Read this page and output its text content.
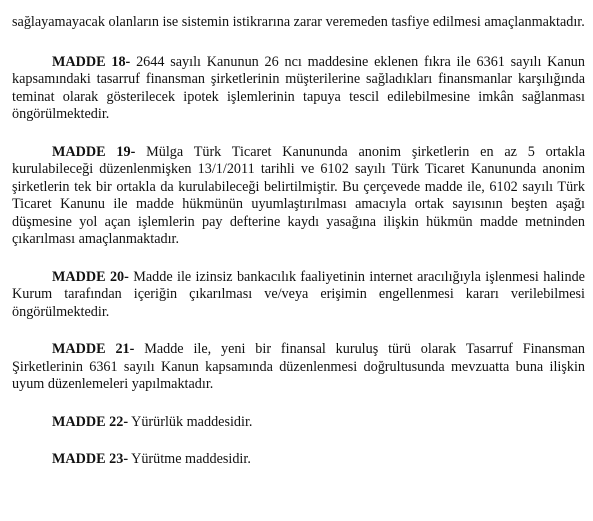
sağlayamayacak olanların ise sistemin istikrarına zarar veremeden tasfiye edilmesi amaçlanmaktadır.

MADDE 18- 2644 sayılı Kanunun 26 ncı maddesine eklenen fıkra ile 6361 sayılı Kanun kapsamındaki tasarruf finansman şirketlerinin müşterilerine sağladıkları finansmanlar karşılığında teminat olarak gösterilecek ipotek işlemlerinin tapuya tescil edilebilmesine imkân sağlanması öngörülmektedir.

MADDE 19- Mülga Türk Ticaret Kanununda anonim şirketlerin en az 5 ortakla kurulabileceği düzenlenmişken 13/1/2011 tarihli ve 6102 sayılı Türk Ticaret Kanununda anonim şirketlerin tek bir ortakla da kurulabileceği belirtilmiştir. Bu çerçevede madde ile, 6102 sayılı Türk Ticaret Kanunu ile madde hükmünün uyumlaştırılması amacıyla ortak sayısının beşten aşağı düşmesine yol açan işlemlerin pay defterine kaydı yasağına ilişkin hükmün madde metninden çıkarılması amaçlanmaktadır.

MADDE 20- Madde ile izinsiz bankacılık faaliyetinin internet aracılığıyla işlenmesi halinde Kurum tarafından içeriğin çıkarılması ve/veya erişimin engellenmesi kararı verilebilmesi öngörülmektedir.

MADDE 21- Madde ile, yeni bir finansal kuruluş türü olarak Tasarruf Finansman Şirketlerinin 6361 sayılı Kanun kapsamında düzenlenmesi doğrultusunda mevzuatta buna ilişkin uyum düzenlemeleri yapılmaktadır.

MADDE 22- Yürürlük maddesidir.

MADDE 23- Yürütme maddesidir.
